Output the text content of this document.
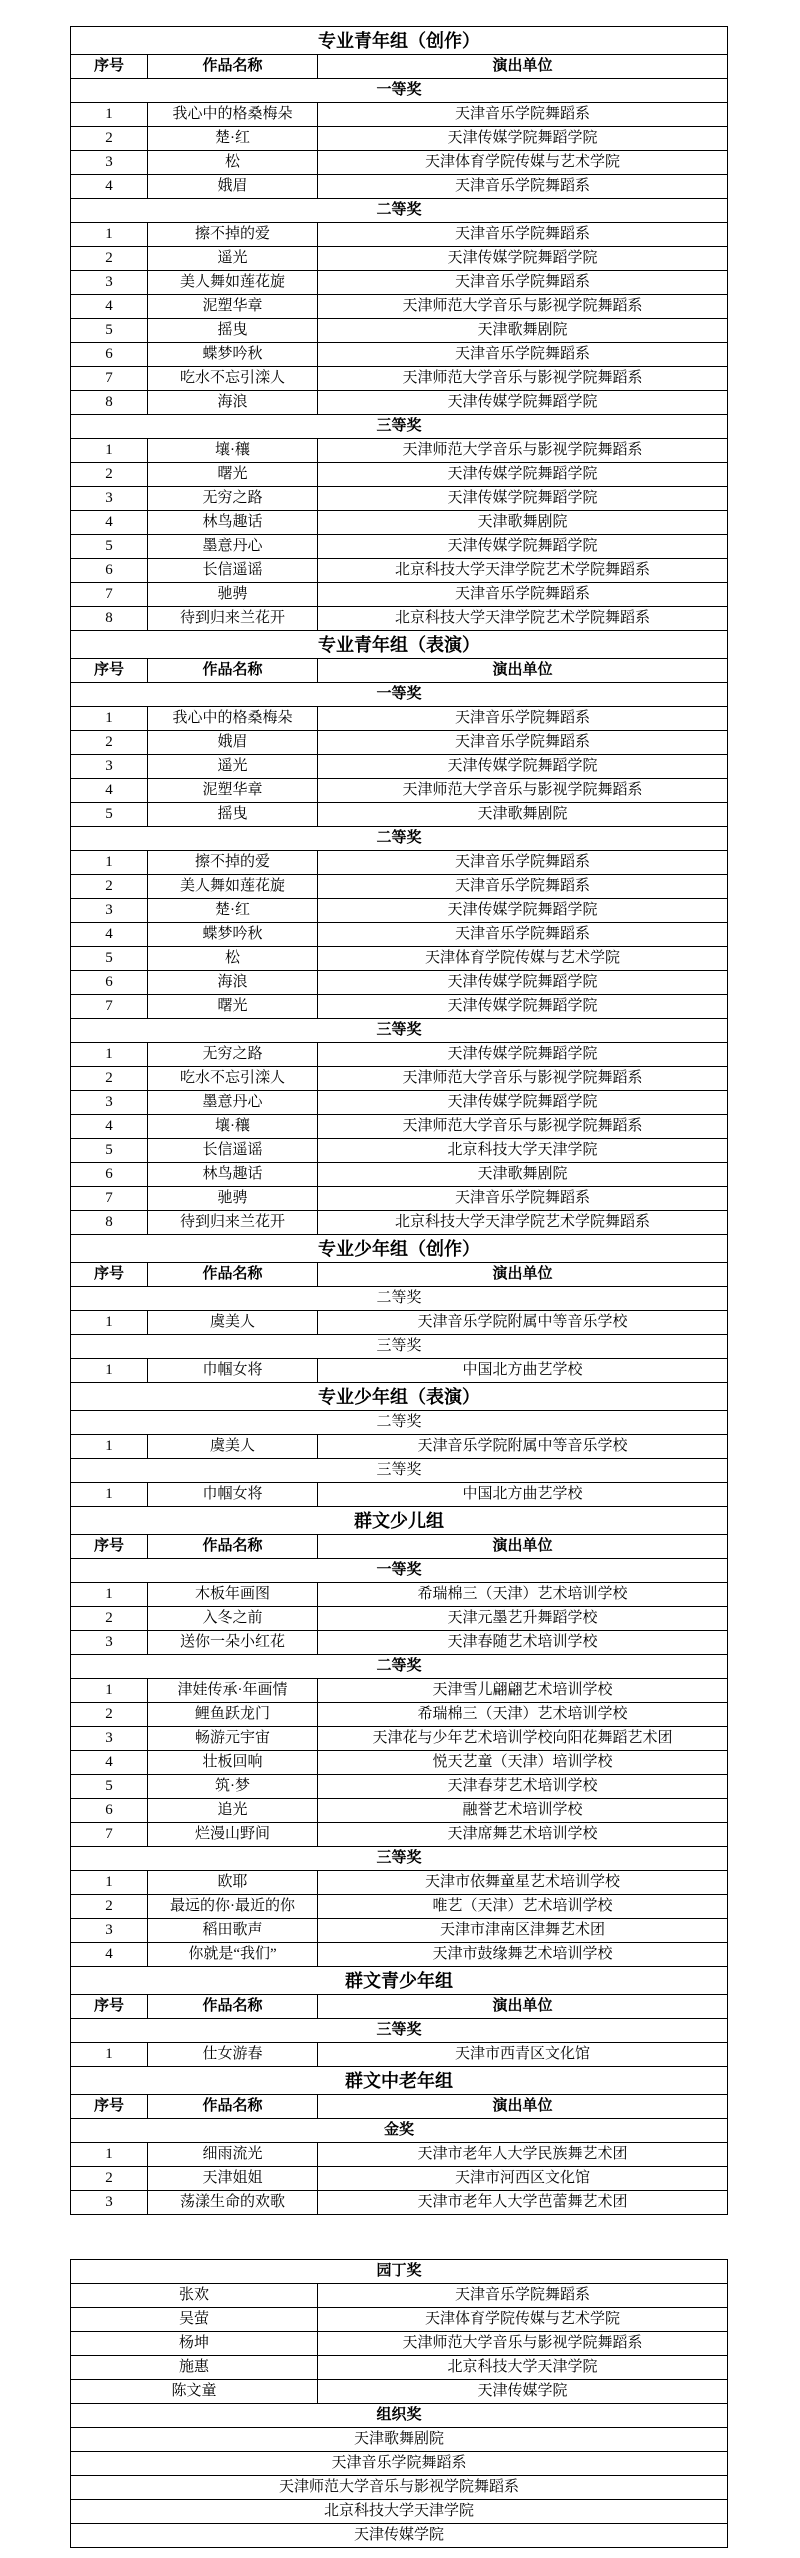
专业青年组（创作）
序号	作品名称	演出单位
一等奖
1	我心中的格桑梅朵	天津音乐学院舞蹈系
2	楚·红	天津传媒学院舞蹈学院
3	松	天津体育学院传媒与艺术学院
4	娥眉	天津音乐学院舞蹈系
二等奖
1	擦不掉的爱	天津音乐学院舞蹈系
2	遥光	天津传媒学院舞蹈学院
3	美人舞如莲花旋	天津音乐学院舞蹈系
4	泥塑华章	天津师范大学音乐与影视学院舞蹈系
5	摇曳	天津歌舞剧院
6	蝶梦吟秋	天津音乐学院舞蹈系
7	吃水不忘引滦人	天津师范大学音乐与影视学院舞蹈系
8	海浪	天津传媒学院舞蹈学院
三等奖
1	壤·穰	天津师范大学音乐与影视学院舞蹈系
2	曙光	天津传媒学院舞蹈学院
3	无穷之路	天津传媒学院舞蹈学院
4	林鸟趣话	天津歌舞剧院
5	墨意丹心	天津传媒学院舞蹈学院
6	长信遥谣	北京科技大学天津学院艺术学院舞蹈系
7	驰骋	天津音乐学院舞蹈系
8	待到归来兰花开	北京科技大学天津学院艺术学院舞蹈系
专业青年组（表演）
序号	作品名称	演出单位
一等奖
1	我心中的格桑梅朵	天津音乐学院舞蹈系
2	娥眉	天津音乐学院舞蹈系
3	遥光	天津传媒学院舞蹈学院
4	泥塑华章	天津师范大学音乐与影视学院舞蹈系
5	摇曳	天津歌舞剧院
二等奖
1	擦不掉的爱	天津音乐学院舞蹈系
2	美人舞如莲花旋	天津音乐学院舞蹈系
3	楚·红	天津传媒学院舞蹈学院
4	蝶梦吟秋	天津音乐学院舞蹈系
5	松	天津体育学院传媒与艺术学院
6	海浪	天津传媒学院舞蹈学院
7	曙光	天津传媒学院舞蹈学院
三等奖
1	无穷之路	天津传媒学院舞蹈学院
2	吃水不忘引滦人	天津师范大学音乐与影视学院舞蹈系
3	墨意丹心	天津传媒学院舞蹈学院
4	壤·穰	天津师范大学音乐与影视学院舞蹈系
5	长信遥谣	北京科技大学天津学院
6	林鸟趣话	天津歌舞剧院
7	驰骋	天津音乐学院舞蹈系
8	待到归来兰花开	北京科技大学天津学院艺术学院舞蹈系
专业少年组（创作）
序号	作品名称	演出单位
二等奖
1	虞美人	天津音乐学院附属中等音乐学校
三等奖
1	巾帼女将	中国北方曲艺学校
专业少年组（表演）
二等奖
1	虞美人	天津音乐学院附属中等音乐学校
三等奖
1	巾帼女将	中国北方曲艺学校
群文少儿组
序号	作品名称	演出单位
一等奖
1	木板年画图	希瑞棉三（天津）艺术培训学校
2	入冬之前	天津元墨艺升舞蹈学校
3	送你一朵小红花	天津春随艺术培训学校
二等奖
1	津娃传承·年画情	天津雪儿翩翩艺术培训学校
2	鲤鱼跃龙门	希瑞棉三（天津）艺术培训学校
3	畅游元宇宙	天津花与少年艺术培训学校向阳花舞蹈艺术团
4	壮板回响	悦天艺童（天津）培训学校
5	筑·梦	天津春芽艺术培训学校
6	追光	融誉艺术培训学校
7	烂漫山野间	天津席舞艺术培训学校
三等奖
1	欧耶	天津市依舞童星艺术培训学校
2	最远的你·最近的你	唯艺（天津）艺术培训学校
3	稻田歌声	天津市津南区津舞艺术团
4	你就是“我们”	天津市鼓缘舞艺术培训学校
群文青少年组
序号	作品名称	演出单位
三等奖
1	仕女游春	天津市西青区文化馆
群文中老年组
序号	作品名称	演出单位
金奖
1	细雨流光	天津市老年人大学民族舞艺术团
2	天津姐姐	天津市河西区文化馆
3	荡漾生命的欢歌	天津市老年人大学芭蕾舞艺术团
园丁奖
张欢	天津音乐学院舞蹈系
吴萤	天津体育学院传媒与艺术学院
杨坤	天津师范大学音乐与影视学院舞蹈系
施惠	北京科技大学天津学院
陈文童	天津传媒学院
组织奖
天津歌舞剧院
天津音乐学院舞蹈系
天津师范大学音乐与影视学院舞蹈系
北京科技大学天津学院
天津传媒学院
